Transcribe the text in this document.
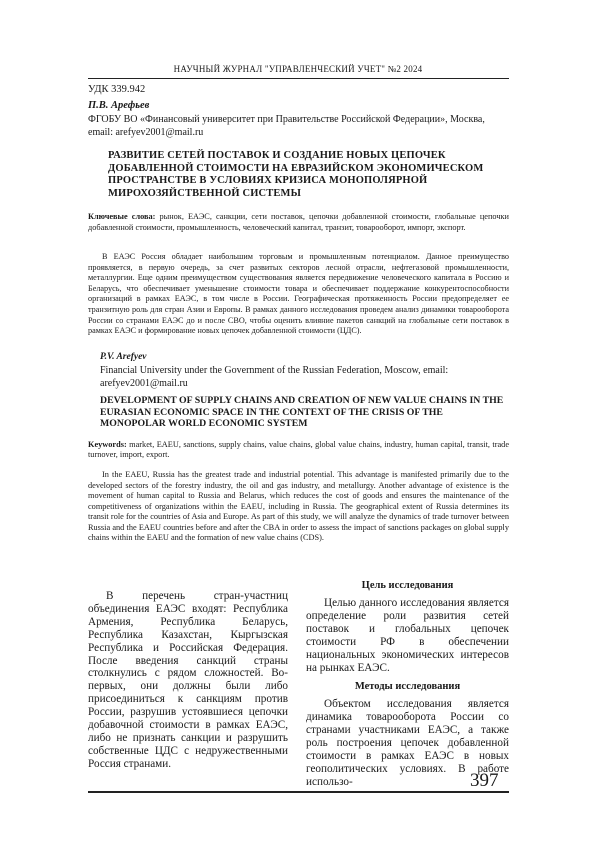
НАУЧНЫЙ ЖУРНАЛ "УПРАВЛЕНЧЕСКИЙ УЧЕТ" №2 2024
УДК 339.942
П.В. Арефьев
ФГОБУ ВО «Финансовый университет при Правительстве Российской Федерации», Москва, email: arefyev2001@mail.ru
РАЗВИТИЕ СЕТЕЙ ПОСТАВОК И СОЗДАНИЕ НОВЫХ ЦЕПОЧЕК ДОБАВЛЕННОЙ СТОИМОСТИ НА ЕВРАЗИЙСКОМ ЭКОНОМИЧЕСКОМ ПРОСТРАНСТВЕ В УСЛОВИЯХ КРИЗИСА МОНОПОЛЯРНОЙ МИРОХОЗЯЙСТВЕННОЙ СИСТЕМЫ
Ключевые слова: рынок, ЕАЭС, санкции, сети поставок, цепочки добавленной стоимости, глобальные цепочки добавленной стоимости, промышленность, человеческий капитал, транзит, товарооборот, импорт, экспорт.
В ЕАЭС Россия обладает наибольшим торговым и промышленным потенциалом. Данное преимущество проявляется, в первую очередь, за счет развитых секторов лесной отрасли, нефтегазовой промышленности, металлургии. Еще одним преимуществом существования является передвижение человеческого капитала в Россию и Беларусь, что обеспечивает уменьшение стоимости товара и обеспечивает поддержание конкурентоспособности организаций в рамках ЕАЭС, в том числе в России. Географическая протяженность России предопределяет ее транзитную роль для стран Азии и Европы. В рамках данного исследования проведем анализ динамики товарооборота России со странами ЕАЭС до и после СВО, чтобы оценить влияние пакетов санкций на глобальные сети поставок в рамках ЕАЭС и формирование новых цепочек добавленной стоимости (ЦДС).
P.V. Arefyev
Financial University under the Government of the Russian Federation, Moscow, email: arefyev2001@mail.ru
DEVELOPMENT OF SUPPLY CHAINS AND CREATION OF NEW VALUE CHAINS IN THE EURASIAN ECONOMIC SPACE IN THE CONTEXT OF THE CRISIS OF THE MONOPOLAR WORLD ECONOMIC SYSTEM
Keywords: market, EAEU, sanctions, supply chains, value chains, global value chains, industry, human capital, transit, trade turnover, import, export.
In the EAEU, Russia has the greatest trade and industrial potential. This advantage is manifested primarily due to the developed sectors of the forestry industry, the oil and gas industry, and metallurgy. Another advantage of existence is the movement of human capital to Russia and Belarus, which reduces the cost of goods and ensures the maintenance of the competitiveness of organizations within the EAEU, including in Russia. The geographical extent of Russia determines its transit role for the countries of Asia and Europe. As part of this study, we will analyze the dynamics of trade turnover between Russia and the EAEU countries before and after the CBA in order to assess the impact of sanctions packages on global supply chains within the EAEU and the formation of new value chains (CDS).
В перечень стран-участниц объединения ЕАЭС входят: Республика Армения, Республика Беларусь, Республика Казахстан, Кыргызская Республика и Российская Федерация. После введения санкций страны столкнулись с рядом сложностей. Во-первых, они должны были либо присоединиться к санкциям против России, разрушив устоявшиеся цепочки добавочной стоимости в рамках ЕАЭС, либо не признать санкции и разрушить собственные ЦДС с недружественными Россия странами.
Цель исследования

Целью данного исследования является определение роли развития сетей поставок и глобальных цепочек стоимости РФ в обеспечении национальных экономических интересов на рынках ЕАЭС.

Методы исследования

Объектом исследования является динамика товарооборота России со странами участниками ЕАЭС, а также роль построения цепочек добавленной стоимости в рамках ЕАЭС в новых геополитических условиях. В работе использо-	397
